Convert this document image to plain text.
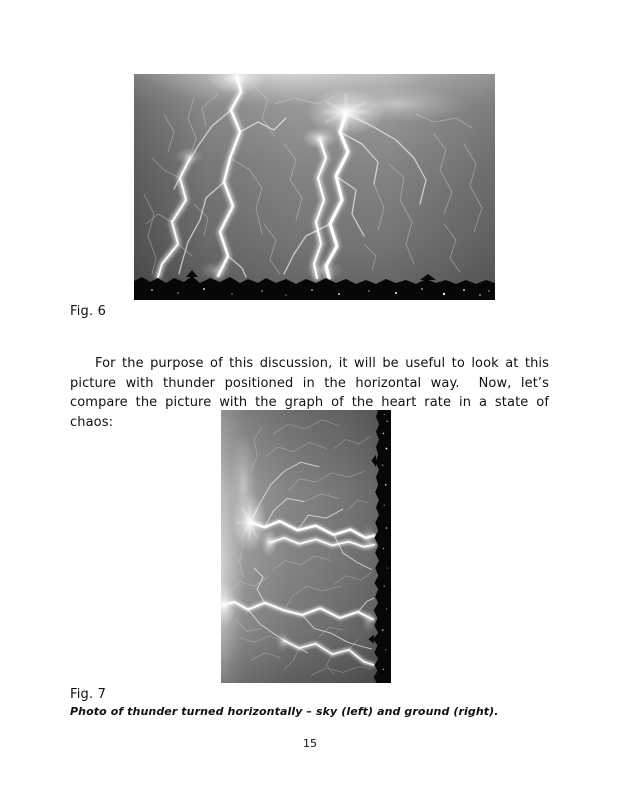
Fig. 6

For the purpose of this discussion, it will be useful to look at this picture with thunder positioned in the horizontal way.  Now, let’s compare the picture with the graph of the heart rate in a state of chaos:

Fig. 7
Photo of thunder turned horizontally – sky (left) and ground (right).
15
